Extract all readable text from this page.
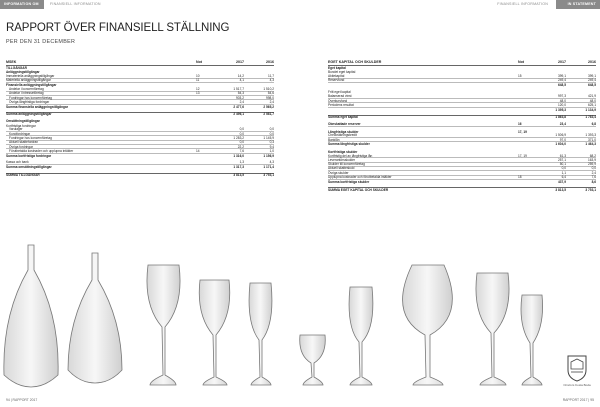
INFORMATION OM	FINANSIELL INFORMATION	FINANSIELL INFORMATION	IN STATEMENT AUDIT
RAPPORT ÖVER FINANSIELL STÄLLNING
PER DEN 31 DECEMBER
MSEK	Not	2017	2016
TILLGÅNGAR
Anläggningstillgångar
Immateriella anläggningstillgångar	10	14,2	11,7
Materiella anläggningstillgångar	11	4,1	4,3
Finansiella anläggningstillgångar
Andelar i koncernföretag	12	1 517,7	1 510,2
Andelar i intresseföretag	13	54,3	54,6
Fordringar hos koncernföretag	903,2	998,0
Övriga långfristiga fordringar	2,4	2,4
Summa finansiella anläggningstillgångar	2 477,6	2 565,2
Summa anläggningstillgångar	2 496,1	2 581,7
Omsättningstillgångar
Kortfristiga fordringar
Varulager	0,0	0,0
Kundfordringar	0,0	0,0
Fordringar hos koncernföretag	1 283,2	1 145,9
Aktuell skattefordran	0,0	0,3
Övriga fordringar	22,2	9,4
Förutbetalda kostnader och upplupna intäkter	14	7,6	1,0
Summa kortfristiga fordringar	1 316,0	1 156,9
Kassa och bank	1,3	4,3
Summa omsättningstillgångar	1 317,3	1 171,4
SUMMA TILLGÅNGAR	3 813,5	3 753,1
EGET KAPITAL OCH SKULDER	Not	2017	2016
Eget kapital
Bundet eget kapital
Aktiekapital	15	399,1	399,1
Reservfond	249,4	249,4
648,5	648,5
Fritt eget kapital
Balanserad vinst	997,3	421,9
Överkursfond	48,0	48,0
Periodens resultat	120,0	625,1
1 395,3	1 134,9
Summa eget kapital	1 863,8	1 783,4
Obeskattade reserver	16	23,4	6,8
Långfristiga skulder	17, 19
Checkräkningskredit	1 506,9	1 393,3
Banklån	97,0	371,0
Summa långfristiga skulder	1 604,0	1 464,3
Kortfristiga skulder
Kortfristig del av långfristiga lån	17, 19	61,3	68,2
Leverantörsskulder	257,1	163,9
Skulder till koncernföretag	50,1	259,9
Aktuell skatteskuld	0,0	0,0
Övriga skulder	1,1	2,4
Upplupna kostnader och förutbetalda intäkter	18	6,4	7,6
Summa kortfristiga skulder	437,9	8,6
SUMMA EGET KAPITAL OCH SKULDER	3 813,5	3 753,1
Orrefors Kosta Boda
94 | RAPPORT 2017	RAPPORT 2017 | 95
